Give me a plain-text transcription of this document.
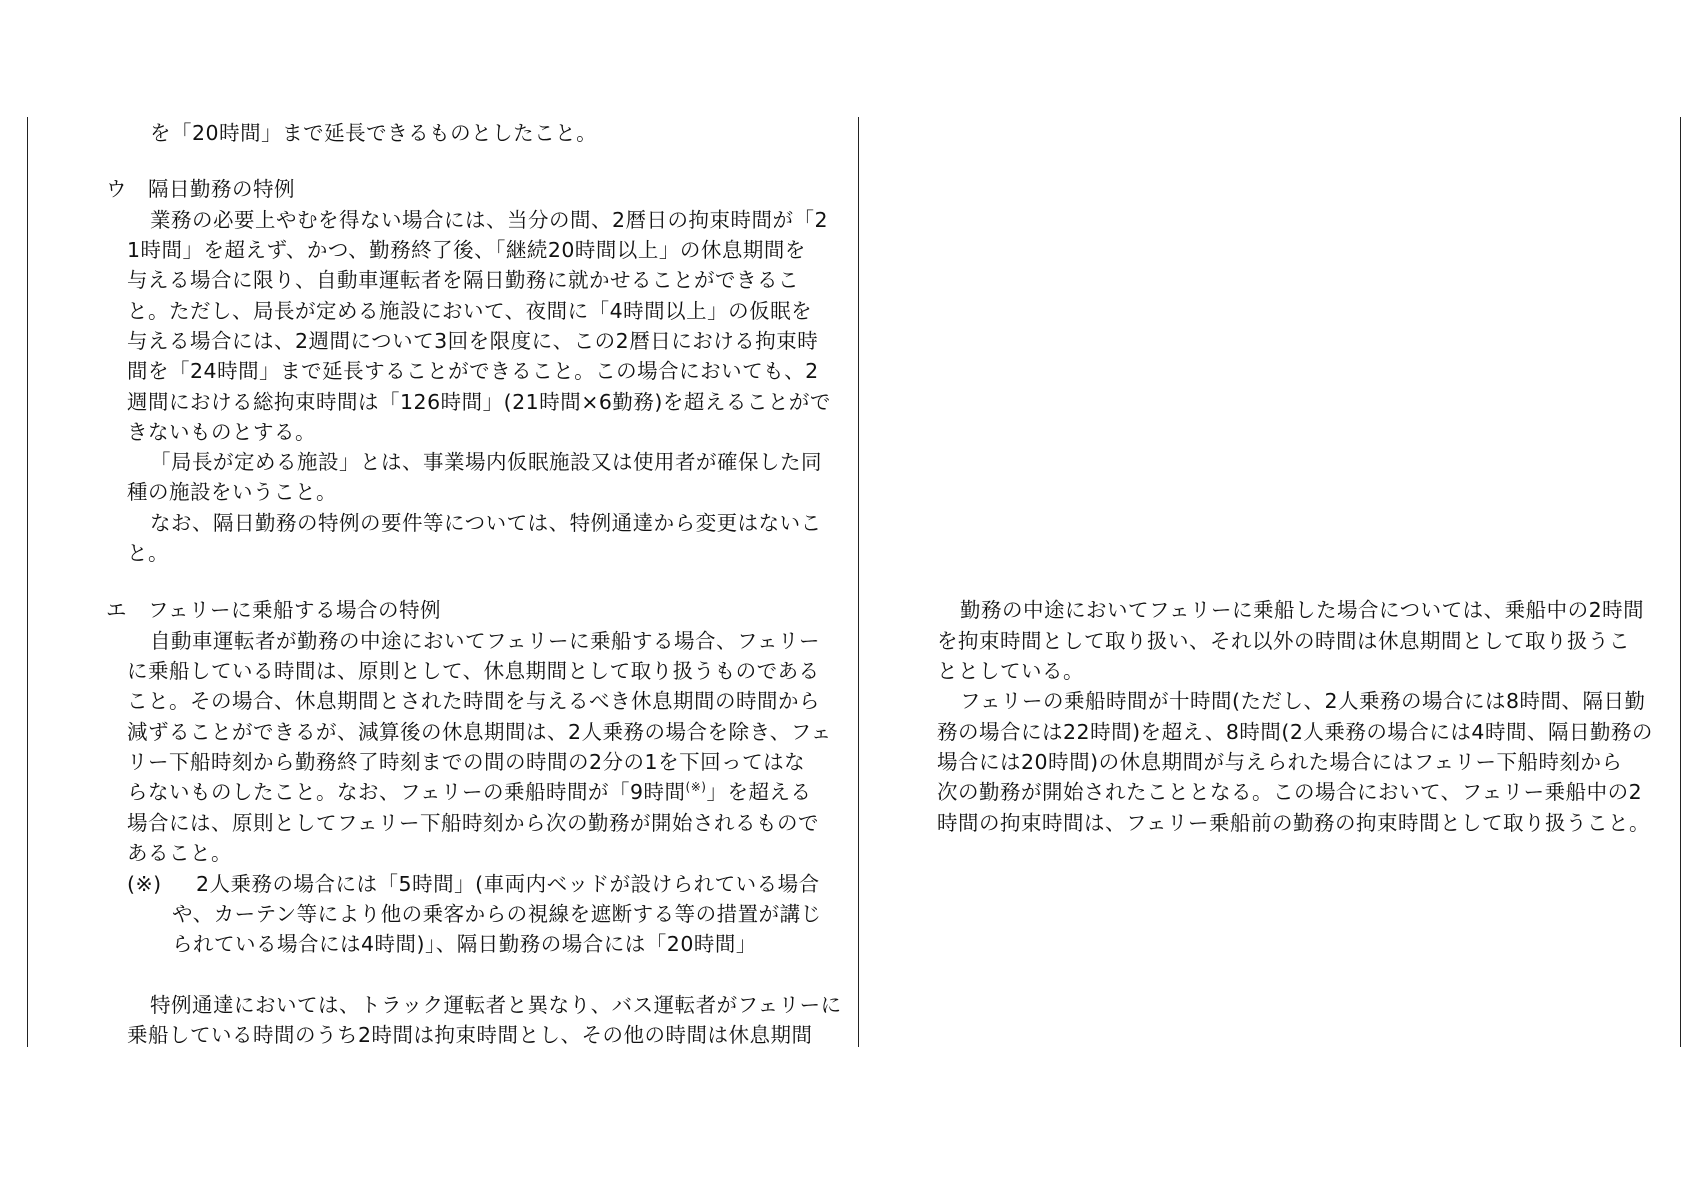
を「20時間」まで延長できるものとしたこと。
ウ　隔日勤務の特例
業務の必要上やむを得ない場合には、当分の間、2暦日の拘束時間が「2
1時間」を超えず、かつ、勤務終了後、「継続20時間以上」の休息期間を
与える場合に限り、自動車運転者を隔日勤務に就かせることができるこ
と。ただし、局長が定める施設において、夜間に「4時間以上」の仮眠を
与える場合には、2週間について3回を限度に、この2暦日における拘束時
間を「24時間」まで延長することができること。この場合においても、2
週間における総拘束時間は「126時間」(21時間×6勤務)を超えることがで
きないものとする。
「局長が定める施設」とは、事業場内仮眠施設又は使用者が確保した同
種の施設をいうこと。
なお、隔日勤務の特例の要件等については、特例通達から変更はないこ
と。
エ　フェリーに乗船する場合の特例
自動車運転者が勤務の中途においてフェリーに乗船する場合、フェリー
に乗船している時間は、原則として、休息期間として取り扱うものである
こと。その場合、休息期間とされた時間を与えるべき休息期間の時間から
減ずることができるが、減算後の休息期間は、2人乗務の場合を除き、フェ
リー下船時刻から勤務終了時刻までの間の時間の2分の1を下回ってはな
らないものしたこと。なお、フェリーの乗船時間が「9時間(※)」を超える
場合には、原則としてフェリー下船時刻から次の勤務が開始されるもので
あること。
(※) 2人乗務の場合には「5時間」(車両内ベッドが設けられている場合
や、カーテン等により他の乗客からの視線を遮断する等の措置が講じ
られている場合には4時間)」、隔日勤務の場合には「20時間」
特例通達においては、トラック運転者と異なり、バス運転者がフェリーに
乗船している時間のうち2時間は拘束時間とし、その他の時間は休息期間
勤務の中途においてフェリーに乗船した場合については、乗船中の2時間
を拘束時間として取り扱い、それ以外の時間は休息期間として取り扱うこ
ととしている。
フェリーの乗船時間が十時間(ただし、2人乗務の場合には8時間、隔日勤
務の場合には22時間)を超え、8時間(2人乗務の場合には4時間、隔日勤務の
場合には20時間)の休息期間が与えられた場合にはフェリー下船時刻から
次の勤務が開始されたこととなる。この場合において、フェリー乗船中の2
時間の拘束時間は、フェリー乗船前の勤務の拘束時間として取り扱うこと。
